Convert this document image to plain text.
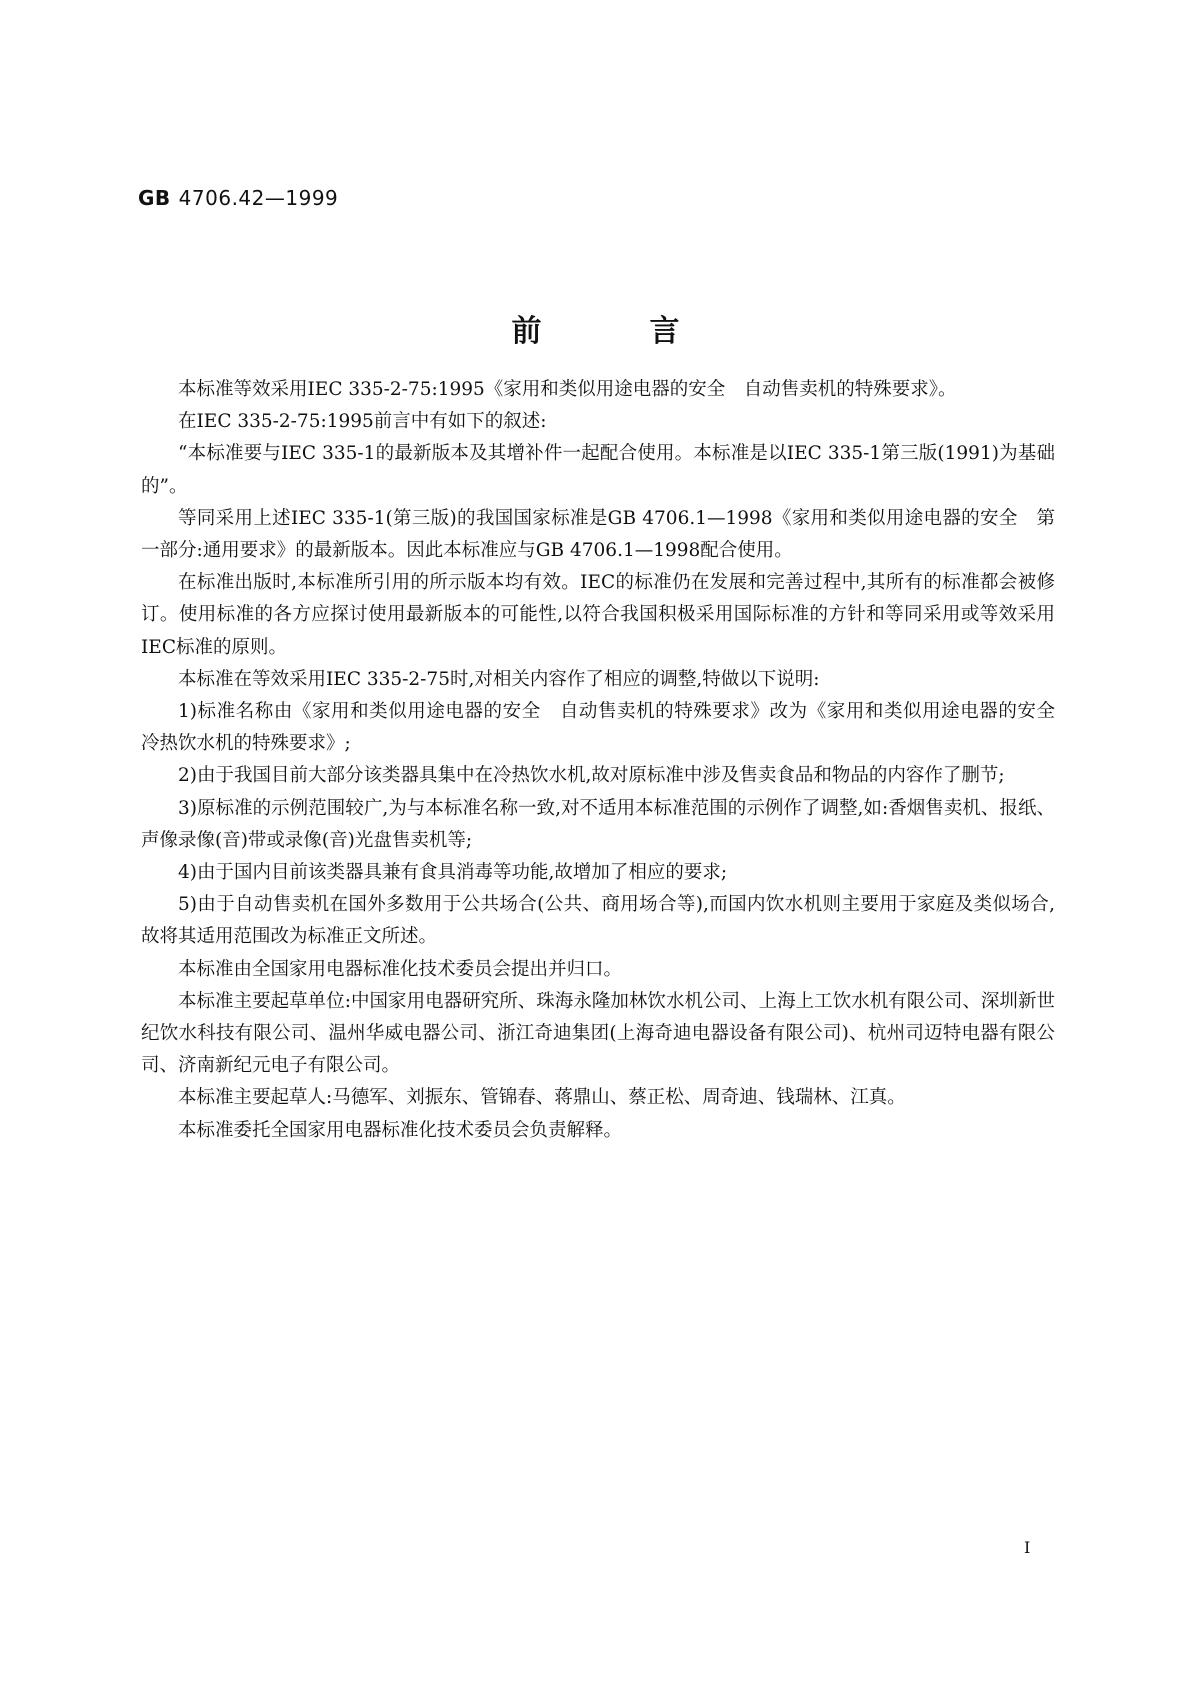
GB 4706.42—1999
前言

本标准等效采用IEC 335-2-75:1995《家用和类似用途电器的安全　自动售卖机的特殊要求》。

在IEC 335-2-75:1995前言中有如下的叙述:

“本标准要与IEC 335-1的最新版本及其增补件一起配合使用。本标准是以IEC 335-1第三版(1991)为基础的”。

等同采用上述IEC 335-1(第三版)的我国国家标准是GB 4706.1—1998《家用和类似用途电器的安全　第一部分:通用要求》的最新版本。因此本标准应与GB 4706.1—1998配合使用。

在标准出版时,本标准所引用的所示版本均有效。IEC的标准仍在发展和完善过程中,其所有的标准都会被修订。使用标准的各方应探讨使用最新版本的可能性,以符合我国积极采用国际标准的方针和等同采用或等效采用IEC标准的原则。

本标准在等效采用IEC 335-2-75时,对相关内容作了相应的调整,特做以下说明:

1)标准名称由《家用和类似用途电器的安全　自动售卖机的特殊要求》改为《家用和类似用途电器的安全　冷热饮水机的特殊要求》;

2)由于我国目前大部分该类器具集中在冷热饮水机,故对原标准中涉及售卖食品和物品的内容作了删节;

3)原标准的示例范围较广,为与本标准名称一致,对不适用本标准范围的示例作了调整,如:香烟售卖机、报纸、声像录像(音)带或录像(音)光盘售卖机等;

4)由于国内目前该类器具兼有食具消毒等功能,故增加了相应的要求;

5)由于自动售卖机在国外多数用于公共场合(公共、商用场合等),而国内饮水机则主要用于家庭及类似场合,故将其适用范围改为标准正文所述。

本标准由全国家用电器标准化技术委员会提出并归口。

本标准主要起草单位:中国家用电器研究所、珠海永隆加林饮水机公司、上海上工饮水机有限公司、深圳新世纪饮水科技有限公司、温州华威电器公司、浙江奇迪集团(上海奇迪电器设备有限公司)、杭州司迈特电器有限公司、济南新纪元电子有限公司。

本标准主要起草人:马德军、刘振东、管锦春、蒋鼎山、蔡正松、周奇迪、钱瑞林、江真。

本标准委托全国家用电器标准化技术委员会负责解释。

I
